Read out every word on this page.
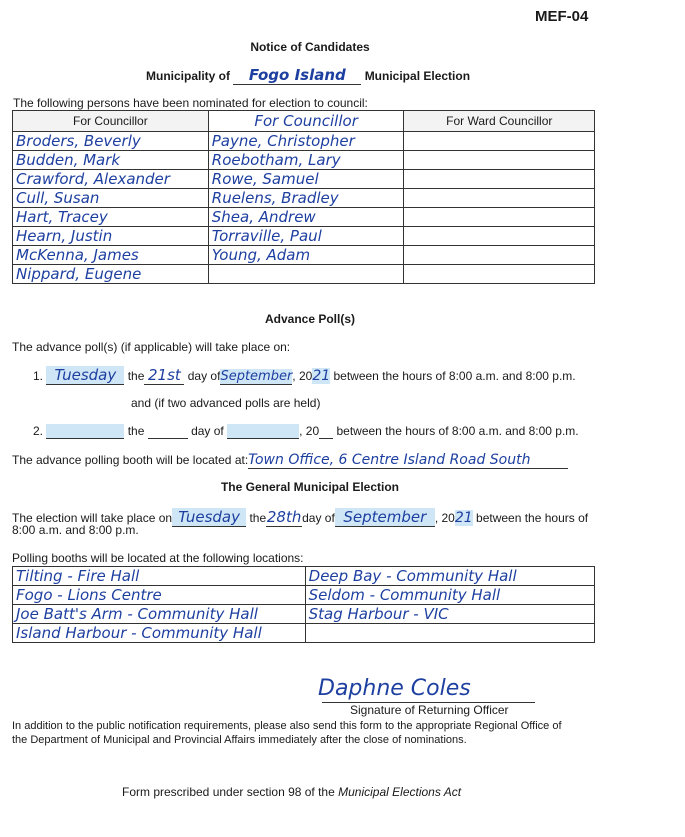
MEF-04
Notice of Candidates
Municipality of Fogo Island Municipal Election
The following persons have been nominated for election to council:
For Councillor	For Councillor	For Ward Councillor
Broders, Beverly	Payne, Christopher	
Budden, Mark	Roebotham, Lary	
Crawford, Alexander	Rowe, Samuel	
Cull, Susan	Ruelens, Bradley	
Hart, Tracey	Shea, Andrew	
Hearn, Justin	Torraville, Paul	
McKenna, James	Young, Adam	
Nippard, Eugene		
Advance Poll(s)
The advance poll(s) (if applicable) will take place on:
1. Tuesday the 21st day ofSeptember, 2021 between the hours of 8:00 a.m. and 8:00 p.m.
and (if two advanced polls are held)
2.	the	day of	, 20 between the hours of 8:00 a.m. and 8:00 p.m.
The advance polling booth will be located at:Town Office, 6 Centre Island Road South
The General Municipal Election
The election will take place on Tuesday the28thday of September , 2021 between the hours of
8:00 a.m. and 8:00 p.m.
Polling booths will be located at the following locations:
Tilting - Fire Hall	Deep Bay - Community Hall
Fogo - Lions Centre	Seldom - Community Hall
Joe Batt's Arm - Community Hall	Stag Harbour - VIC
Island Harbour - Community Hall	
Daphne Coles
Signature of Returning Officer
In addition to the public notification requirements, please also send this form to the appropriate Regional Office of the Department of Municipal and Provincial Affairs immediately after the close of nominations.
Form prescribed under section 98 of the Municipal Elections Act
